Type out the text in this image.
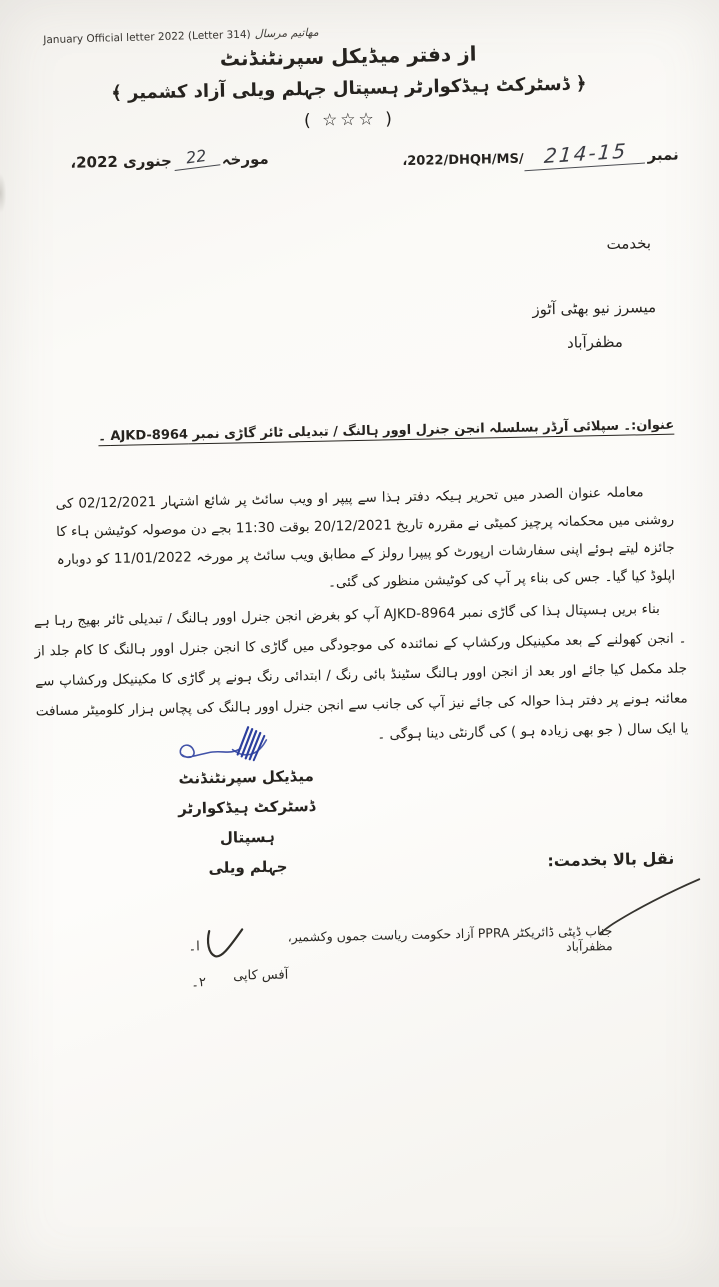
January Official letter 2022 (Letter 314) مهاتیم مرسال
از دفتر میڈیکل سپرنٹنڈنٹ
﴿ ڈسٹرکٹ ہیڈکوارٹر ہسپتال جہلم ویلی آزاد کشمیر ﴾
( ☆☆☆ )
،2022/DHQH/MS/ 214-15	نمبر
مورخہ
22
جنوری 2022،
بخدمت
میسرز نیو بھٹی آٹوز
مظفرآباد
عنوان:۔ سپلائی آرڈر بسلسلہ انجن جنرل اوور ہالنگ / تبدیلی ٹائر گاڑی نمبر AJKD-8964 ۔
معاملہ عنوان الصدر میں تحریر ہیکہ دفتر ہذا سے پیپر او ویب سائٹ پر شائع اشتہار 02/12/2021 کی روشنی میں محکمانہ پرچیز کمیٹی نے مقررہ تاریخ 20/12/2021 بوقت 11:30 بجے دن موصولہ کوٹیشن ہاء کا جائزہ لیتے ہوئے اپنی سفارشات ارپورٹ کو پیپرا رولز کے مطابق ویب سائٹ پر مورخہ 11/01/2022 کو دوبارہ اپلوڈ کیا گیا۔ جس کی بناء پر آپ کی کوٹیشن منظور کی گئی۔
بناء بریں ہسپتال ہذا کی گاڑی نمبر AJKD-8964 آپ کو بغرض انجن جنرل اوور ہالنگ / تبدیلی ٹائر بھیج رہا ہے ۔ انجن کھولنے کے بعد مکینیکل ورکشاپ کے نمائندہ کی موجودگی میں گاڑی کا انجن جنرل اوور ہالنگ کا کام جلد از جلد مکمل کیا جائے اور بعد از انجن اوور ہالنگ سٹینڈ بائی رنگ / ابتدائی رنگ ہونے پر گاڑی کا مکینیکل ورکشاپ سے معائنہ ہونے پر دفتر ہذا حوالہ کی جائے نیز آپ کی جانب سے انجن جنرل اوور ہالنگ کی پچاس ہزار کلومیٹر مسافت یا ایک سال ( جو بھی زیادہ ہو ) کی گارنٹی دینا ہوگی ۔
میڈیکل سپرنٹنڈنٹ
ڈسٹرکٹ ہیڈکوارٹر ہسپتال
جہلم ویلی	نقل بالا بخدمت:
ا۔
جناب ڈپٹی ڈائریکٹر PPRA آزاد حکومت ریاست جموں وکشمیر، مظفرآباد
۲۔ آفس کاپی
